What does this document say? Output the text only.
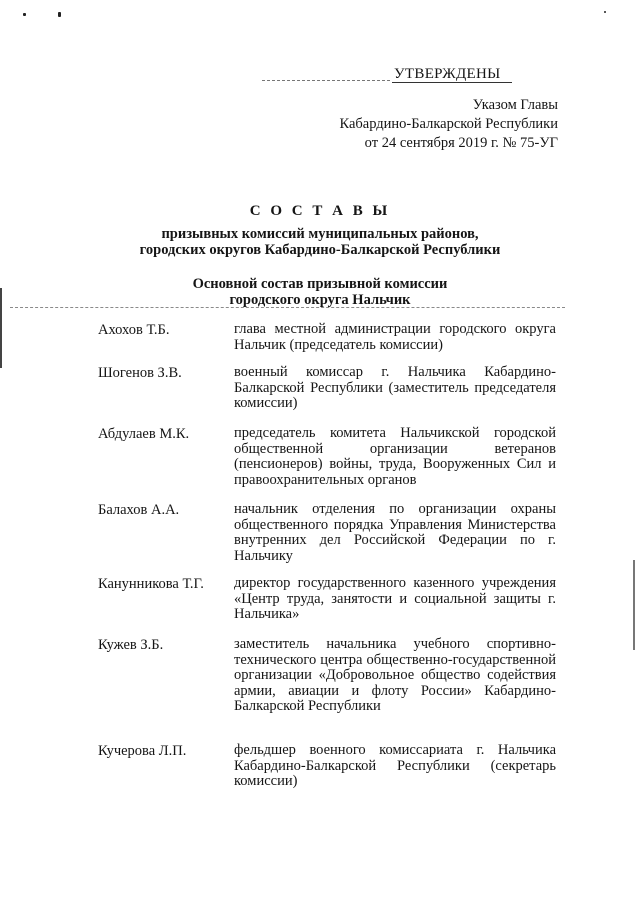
УТВЕРЖДЕНЫ
Указом Главы
Кабардино-Балкарской Республики
от 24 сентября 2019 г. № 75-УГ
С О С Т А В Ы
призывных комиссий муниципальных районов,
городских округов Кабардино-Балкарской Республики
Основной состав призывной комиссии
городского округа Нальчик
Ахохов Т.Б.	глава местной администрации городского округа Нальчик (председатель комиссии)
Шогенов З.В.	военный комиссар г. Нальчика Кабардино-Балкарской Республики (заместитель председателя комиссии)
Абдулаев М.К.	председатель комитета Нальчикской городской общественной организации ветеранов (пенсионеров) войны, труда, Вооруженных Сил и правоохранительных органов
Балахов А.А.	начальник отделения по организации охраны общественного порядка Управления Министерства внутренних дел Российской Федерации по г. Нальчику
Канунникова Т.Г. директор государственного казенного учреждения «Центр труда, занятости и социальной защиты г. Нальчика»
Кужев З.Б.	заместитель начальника учебного спортивно-технического центра общественно-государственной организации «Добровольное общество содействия армии, авиации и флоту России» Кабардино-Балкарской Республики
Кучерова Л.П.	фельдшер военного комиссариата г. Нальчика Кабардино-Балкарской Республики (секретарь комиссии)
